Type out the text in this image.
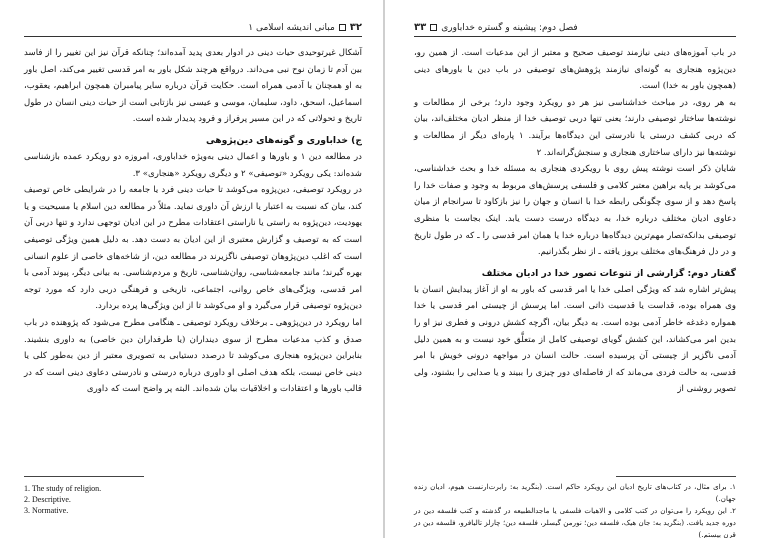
۳۲مبانی اندیشه اسلامی ۱

آشکال غیرتوحیدی حیات دینی در ادوار بعدی پدید آمده‌اند؛ چنانکه قرآن نیز این تغییر را از فاسد بین آدم تا زمان نوح نبی می‌داند. درواقع هرچند شکل باور به امر قدسی تغییر می‌کند، اصل باور به او همچنان با آدمی همراه است. حکایت قرآن درباره سایر پیامبران همچون ابراهیم، یعقوب، اسماعیل، اسحق، داود، سلیمان، موسی و عیسی نیز بازتابی است از حیات دینی انسان در طول تاریخ و تحولاتی که در این مسیر پرفراز و فرود پدیدار شده است.

ج) خداباوری و گونه‌های دین‌پژوهی

در مطالعه دین ۱ و باورها و اعمال دینی به‌ویژه خداباوری، امروزه دو رویکرد عمده بازشناسی شده‌اند: یکی رویکرد «توصیفی» ۲ و دیگری رویکرد «هنجاری» ۳.

در رویکرد توصیفی، دین‌پژوه می‌کوشد تا حیات دینی فرد یا جامعه را در شرایطی خاص توصیف کند، بیان که نسبت به اعتبار یا ارزش آن داوری نماید. مثلاً در مطالعه دین اسلام یا مسیحیت و یا یهودیت، دین‌پژوه به راستی یا ناراستی اعتقادات مطرح در این ادیان توجهی ندارد و تنها دربی آن است که به توصیف و گزارش معتبری از این ادیان به دست دهد. به دلیل همین ویژگی توصیفی است که اغلب دین‌پژوهان توصیفی ناگزیرند در مطالعه دین، از شاخه‌های خاصی از علوم انسانی بهره گیرند؛ مانند جامعه‌شناسی، روان‌شناسی، تاریخ و مردم‌شناسی. به بیانی دیگر، پیوند آدمی با امر قدسی، ویژگی‌های خاص روانی، اجتماعی، تاریخی و فرهنگی دربی دارد که مورد توجه دین‌پژوه توصیفی قرار می‌گیرد و او می‌کوشد تا از این ویژگی‌ها پرده بردارد.

اما رویکرد در دین‌پژوهی ـ برخلاف رویکرد توصیفی ـ هنگامی مطرح می‌شود که پژوهنده در باب صدق و کذب مدعیات مطرح از سوی دینداران (یا طرفداران دین خاصی) به داوری بنشیند. بنابراین دین‌پژوه هنجاری می‌کوشد تا درصدد دستیابی به تصویری معتبر از دین به‌طور کلی یا دینی خاص نیست، بلکه هدف اصلی او داوری درباره درستی و نادرستی دعاوی دینی است که در قالب باورها و اعتقادات و اخلاقیات بیان شده‌اند. البته پر واضح است که داوری

1. The study of religion.
2. Descriptive.
3. Normative.
فصل دوم: پیشینه و گستره خداباوری۳۳

در باب آموزه‌های دینی نیازمند توصیف صحیح و معتبر از این مدعیات است. از همین رو، دین‌پژوه هنجاری به گونه‌ای نیازمند پژوهش‌های توصیفی در باب دین یا باورهای دینی (همچون باور به خدا) است.

به هر روی، در مباحث خداشناسی نیز هر دو رویکرد وجود دارد؛ برخی از مطالعات و نوشته‌ها ساختار توصیفی دارند؛ یعنی تنها دربی توصیف خدا از منظر ادیان مختلف‌اند، بیان که دربی کشف درستی یا نادرستی این دیدگاه‌ها برآیند. ۱ پاره‌ای دیگر از مطالعات و نوشته‌ها نیز دارای ساختاری هنجاری و سنجش‌گرانه‌اند. ۲

شایان ذکر است نوشته پیش روی با رویکردی هنجاری به مسئله خدا و بحث خداشناسی، می‌کوشد بر پایه براهین معتبر کلامی و فلسفی پرسش‌های مربوط به وجود و صفات خدا را پاسخ دهد و از سوی چگونگی رابطه خدا با انسان و جهان را نیز بازکاود تا سرانجام از میان دعاوی ادیان مختلف درباره خدا، به دیدگاه درست دست یابد. اینک بجاست با منظری توصیفی بدانکه‌تصار مهم‌ترین دیدگاه‌ها درباره خدا یا همان امر قدسی را ـ که در طول تاریخ و در دل فرهنگ‌های مختلف بروز یافته ـ از نظر بگذرانیم.

گفتار دوم: گزارشی از تنوعات تصور خدا در ادیان مختلف

پیش‌تر اشاره شد که ویژگی اصلی خدا یا امر قدسی که باور به او از آغاز پیدایش انسان با وی همراه بوده، قداست یا قدسیت ذاتی است. اما پرسش از چیستی امر قدسی یا خدا همواره دغدغه خاطر آدمی بوده است. به دیگر بیان، اگرچه کشش درونی و فطری نیز او را بدین امر می‌کشاند، این کشش گویای توصیفی کامل از متعلَّق خود نیست و به همین دلیل آدمی ناگزیر از چیستی آن پرسیده است. حالت انسان در مواجهه درونی خویش با امر قدسی، به حالت فردی می‌ماند که از فاصله‌ای دور چیزی را ببیند و یا صدایی را بشنود، ولی تصویر روشنی از

۱. برای مثال، در کتاب‌های تاریخ ادیان این رویکرد حاکم است. (بنگرید به: رابرت‌ارنست هیوم، ادیان زنده جهان.)
۲. این رویکرد را می‌توان در کتب کلامی و الاهیات فلسفی یا ماجدالطبیعه در گذشته و کتب فلسفه دین در دوره جدید یافت. (بنگرید به: جان هیک، فلسفه دین؛ نورمن گیسلر، فلسفه دین؛ چارلز تالیافرو، فلسفه دین در قرن بیستم.)
